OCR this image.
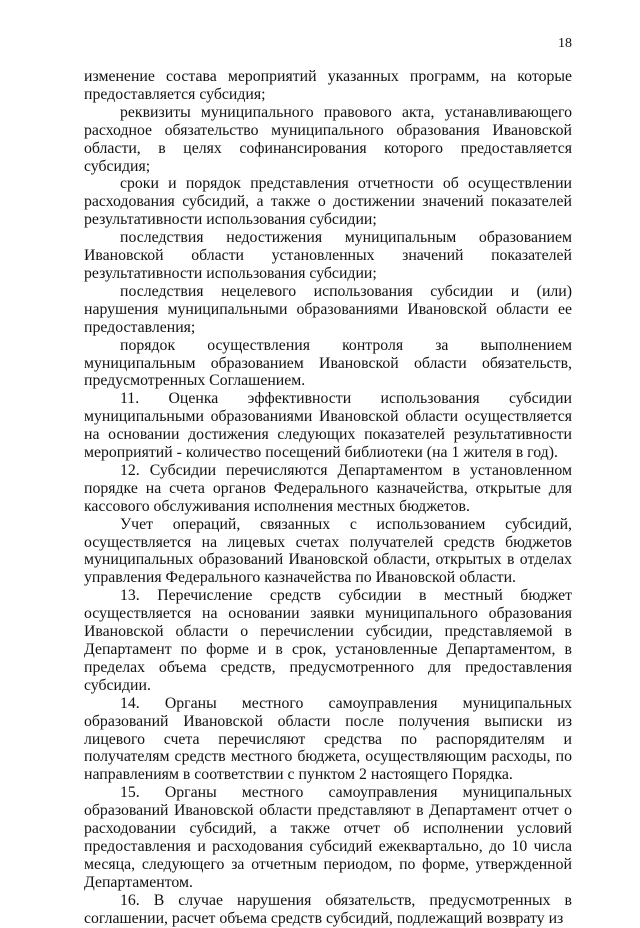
18

изменение состава мероприятий указанных программ, на которые предоставляется субсидия;

реквизиты муниципального правового акта, устанавливающего расходное обязательство муниципального образования Ивановской области, в целях софинансирования которого предоставляется субсидия;

сроки и порядок представления отчетности об осуществлении расходования субсидий, а также о достижении значений показателей результативности использования субсидии;

последствия недостижения муниципальным образованием Ивановской области установленных значений показателей результативности использования субсидии;

последствия нецелевого использования субсидии и (или) нарушения муниципальными образованиями Ивановской области ее предоставления;

порядок осуществления контроля за выполнением муниципальным образованием Ивановской области обязательств, предусмотренных Соглашением.

11. Оценка эффективности использования субсидии муниципальными образованиями Ивановской области осуществляется на основании достижения следующих показателей результативности мероприятий - количество посещений библиотеки (на 1 жителя в год).

12. Субсидии перечисляются Департаментом в установленном порядке на счета органов Федерального казначейства, открытые для кассового обслуживания исполнения местных бюджетов.

Учет операций, связанных с использованием субсидий, осуществляется на лицевых счетах получателей средств бюджетов муниципальных образований Ивановской области, открытых в отделах управления Федерального казначейства по Ивановской области.

13. Перечисление средств субсидии в местный бюджет осуществляется на основании заявки муниципального образования Ивановской области о перечислении субсидии, представляемой в Департамент по форме и в срок, установленные Департаментом, в пределах объема средств, предусмотренного для предоставления субсидии.

14. Органы местного самоуправления муниципальных образований Ивановской области после получения выписки из лицевого счета перечисляют средства по распорядителям и получателям средств местного бюджета, осуществляющим расходы, по направлениям в соответствии с пунктом 2 настоящего Порядка.

15. Органы местного самоуправления муниципальных образований Ивановской области представляют в Департамент отчет о расходовании субсидий, а также отчет об исполнении условий предоставления и расходования субсидий ежеквартально, до 10 числа месяца, следующего за отчетным периодом, по форме, утвержденной Департаментом.

16. В случае нарушения обязательств, предусмотренных в соглашении, расчет объема средств субсидий, подлежащий возврату из
